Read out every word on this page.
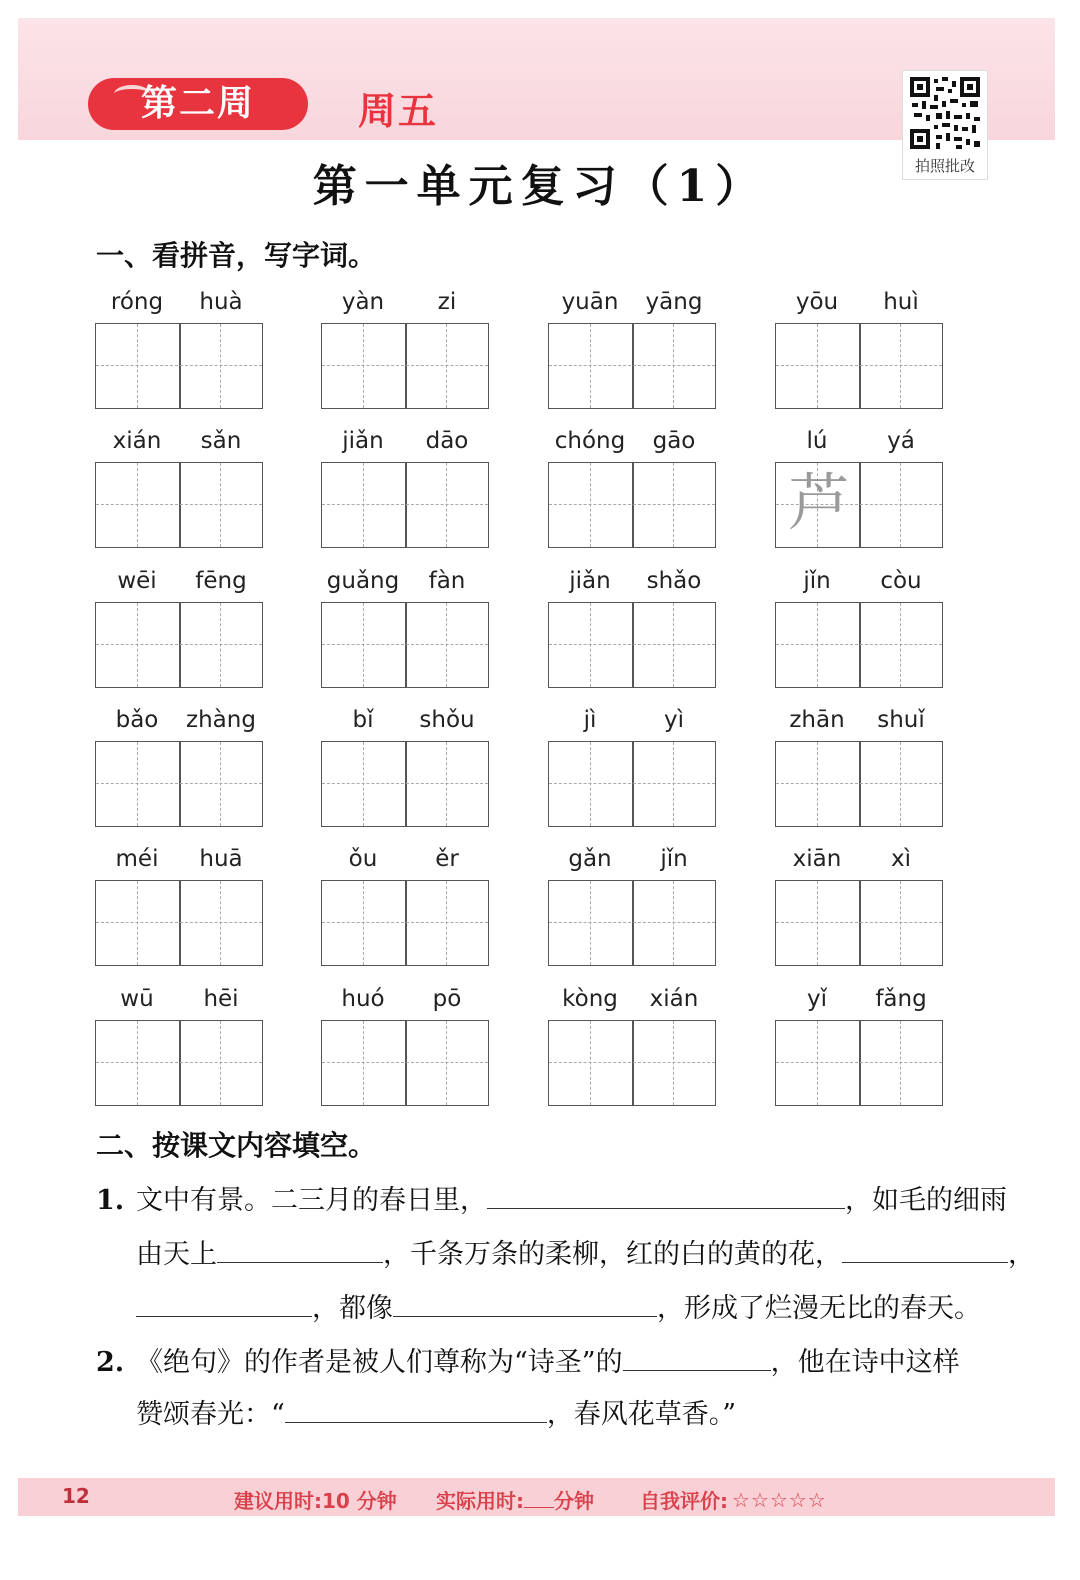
第二周	周五
拍照批改
第一单元复习（1）
一、看拼音，写字词。
róng	huà	yàn	zi	yuān	yāng	yōu	huì
xián	sǎn	jiǎn	dāo	chóng	gāo	lú	yá
芦
wēi	fēng	guǎng	fàn	jiǎn	shǎo	jǐn	còu
bǎo	zhàng	bǐ	shǒu	jì	yì	zhān	shuǐ
méi	huā	ǒu	ěr	gǎn	jǐn	xiān	xì
wū	hēi	huó	pō	kòng	xián	yǐ	fǎng
二、按课文内容填空。
1. 文中有景。二三月的春日里，	，如毛的细雨
由天上	，千条万条的柔柳，红的白的黄的花，	，
，都像	，形成了烂漫无比的春天。
2. 《绝句》的作者是被人们尊称为“诗圣”的	，他在诗中这样
赞颂春光：“	，春风花草香。”
12	建议用时:10 分钟 实际用时: 分钟 自我评价: ☆☆☆☆☆
